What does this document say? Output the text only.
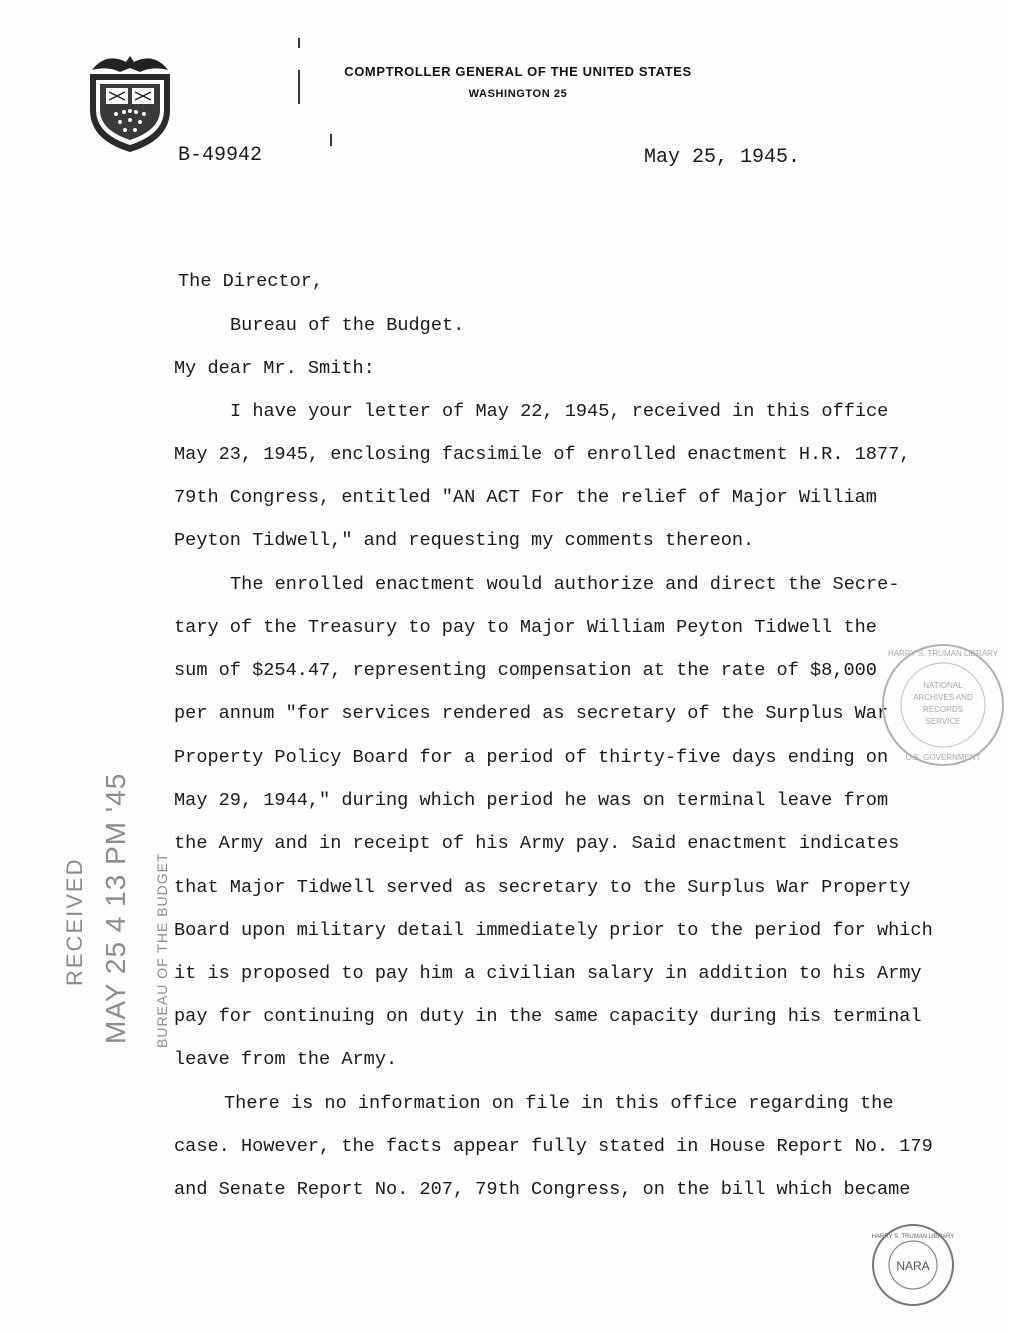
COMPTROLLER GENERAL OF THE UNITED STATES
WASHINGTON 25
B-49942	May 25, 1945.
The Director,
Bureau of the Budget.
My dear Mr. Smith:
I have your letter of May 22, 1945, received in this office
May 23, 1945, enclosing facsimile of enrolled enactment H.R. 1877,
79th Congress, entitled "AN ACT For the relief of Major William
Peyton Tidwell," and requesting my comments thereon.
The enrolled enactment would authorize and direct the Secre-
tary of the Treasury to pay to Major William Peyton Tidwell the
sum of $254.47, representing compensation at the rate of $8,000
per annum "for services rendered as secretary of the Surplus War
Property Policy Board for a period of thirty-five days ending on
May 29, 1944," during which period he was on terminal leave from
the Army and in receipt of his Army pay. Said enactment indicates
that Major Tidwell served as secretary to the Surplus War Property
Board upon military detail immediately prior to the period for which
it is proposed to pay him a civilian salary in addition to his Army
pay for continuing on duty in the same capacity during his terminal
leave from the Army.
There is no information on file in this office regarding the
case. However, the facts appear fully stated in House Report No. 179
and Senate Report No. 207, 79th Congress, on the bill which became
RECEIVED MAY 25 4 13 PM '45 BUREAU OF THE BUDGET
NATIONAL
ARCHIVES AND
RECORDS
SERVICE
HARRY S. TRUMAN LIBRARY
U.S. GOVERNMENT
HARRY S. TRUMAN LIBRARY
NARA
